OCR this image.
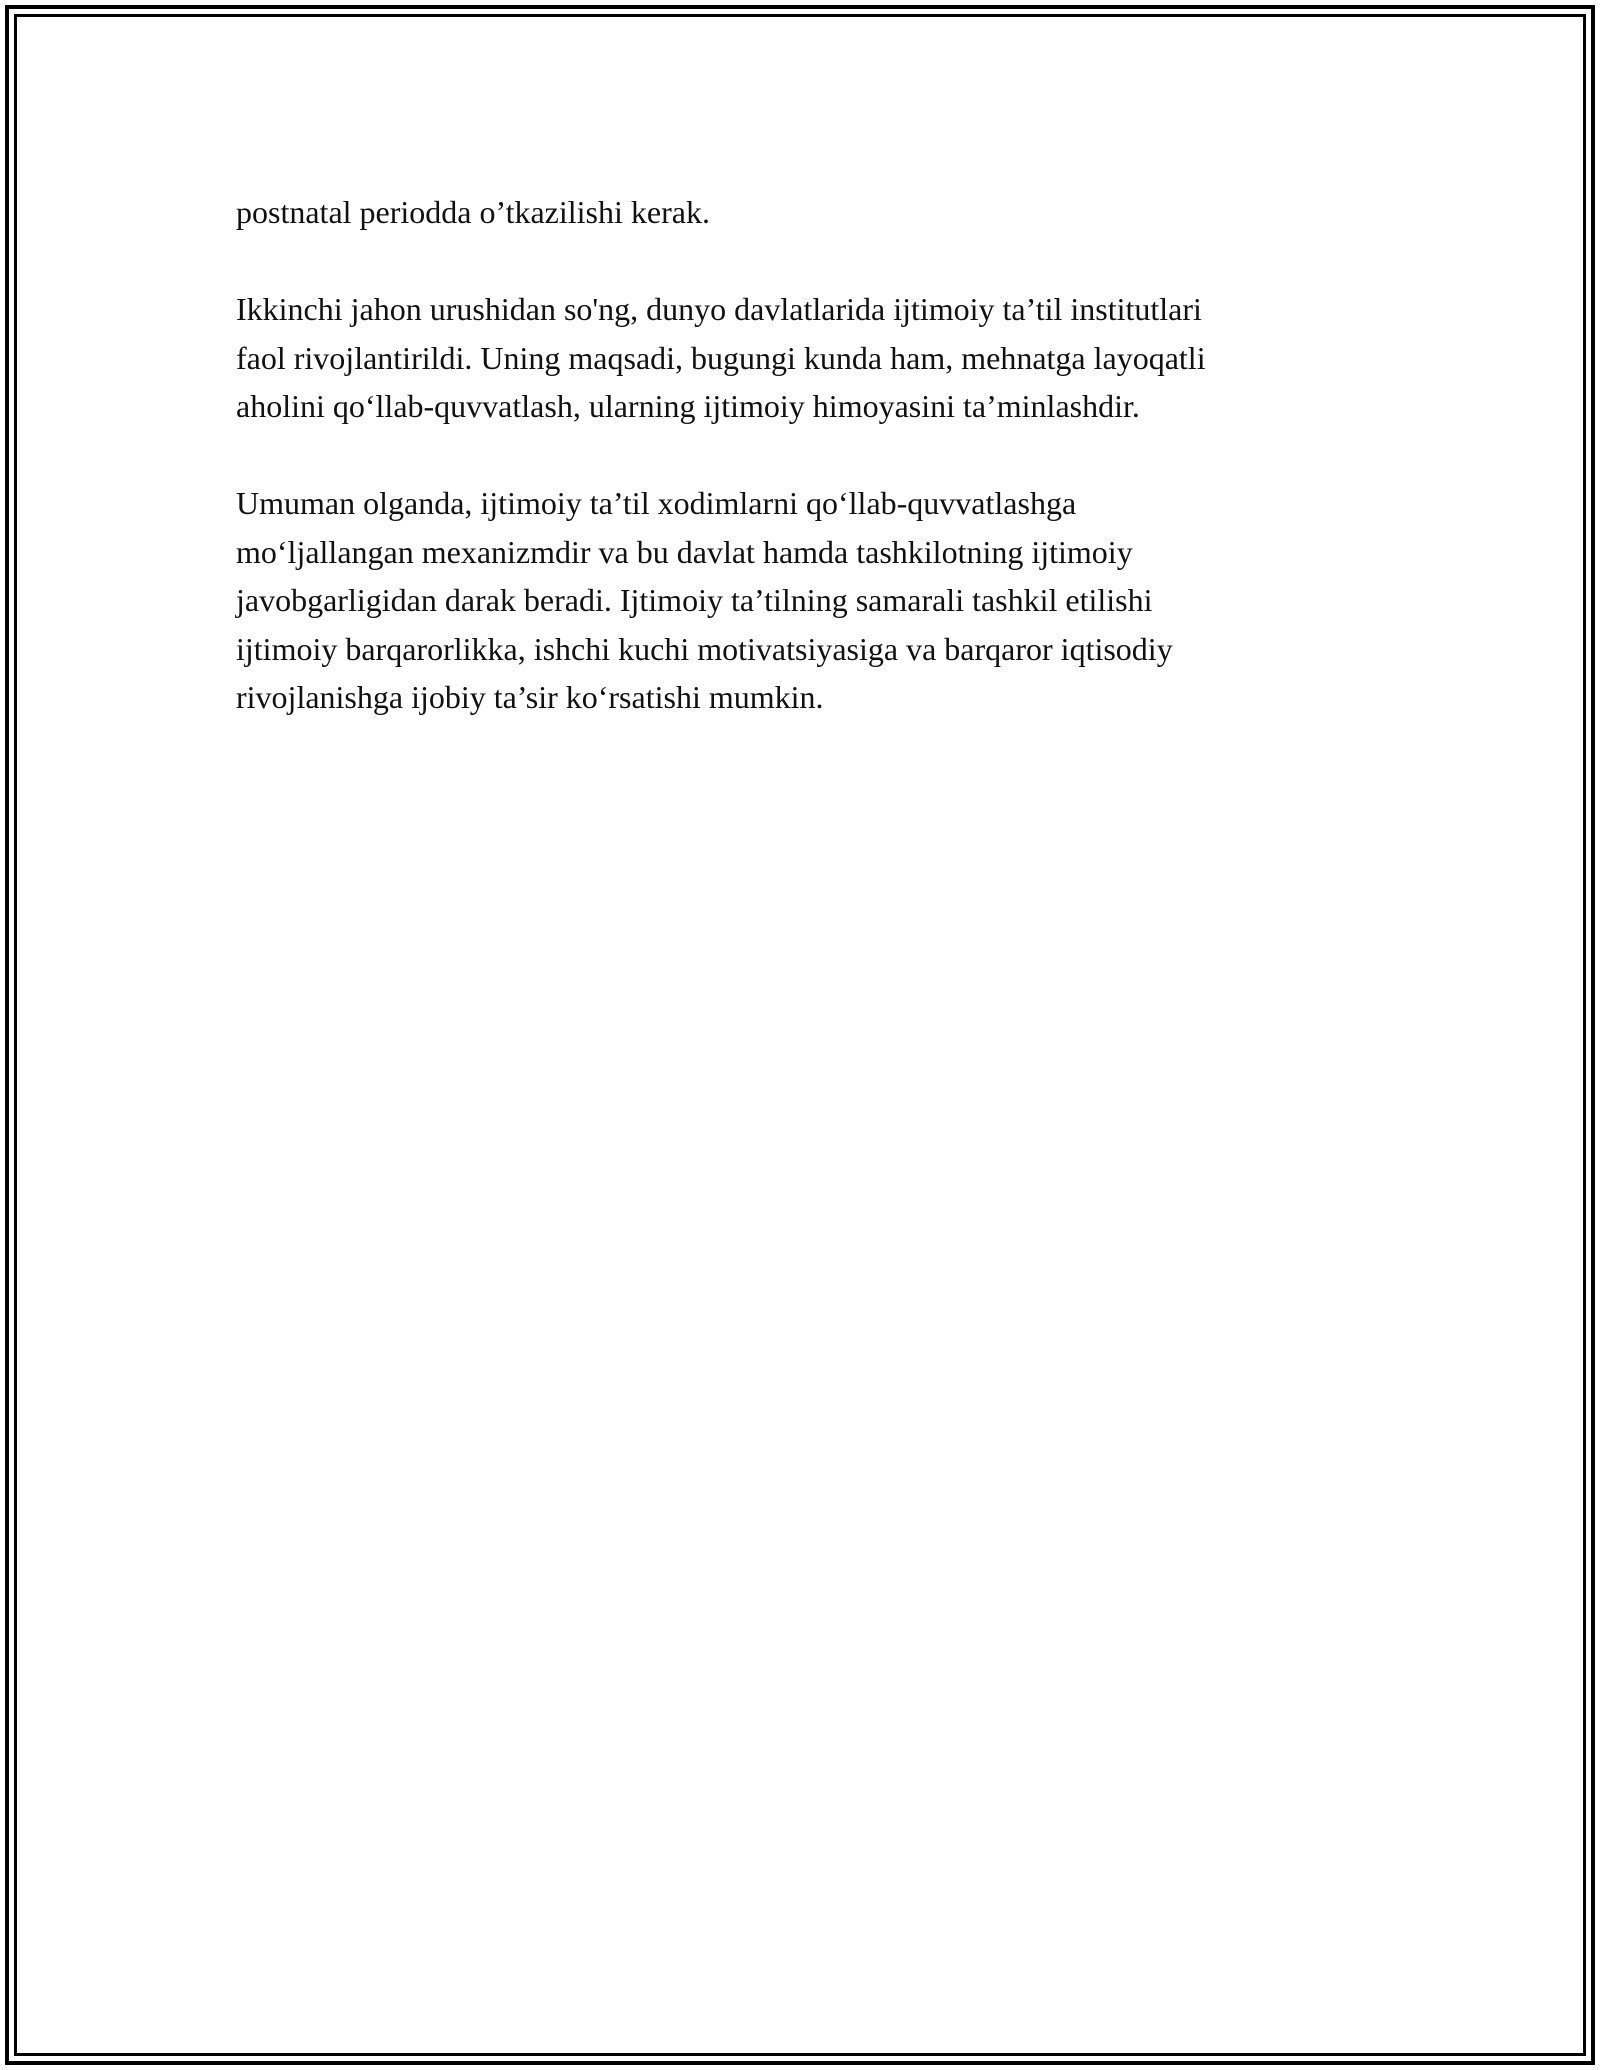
postnatal periodda o’tkazilishi kerak.

Ikkinchi jahon urushidan so'ng, dunyo davlatlarida ijtimoiy ta’til institutlari
faol rivojlantirildi. Uning maqsadi, bugungi kunda ham, mehnatga layoqatli
aholini qo‘llab-quvvatlash, ularning ijtimoiy himoyasini ta’minlashdir.

Umuman olganda, ijtimoiy ta’til xodimlarni qo‘llab-quvvatlashga
mo‘ljallangan mexanizmdir va bu davlat hamda tashkilotning ijtimoiy
javobgarligidan darak beradi. Ijtimoiy ta’tilning samarali tashkil etilishi
ijtimoiy barqarorlikka, ishchi kuchi motivatsiyasiga va barqaror iqtisodiy
rivojlanishga ijobiy ta’sir ko‘rsatishi mumkin.
